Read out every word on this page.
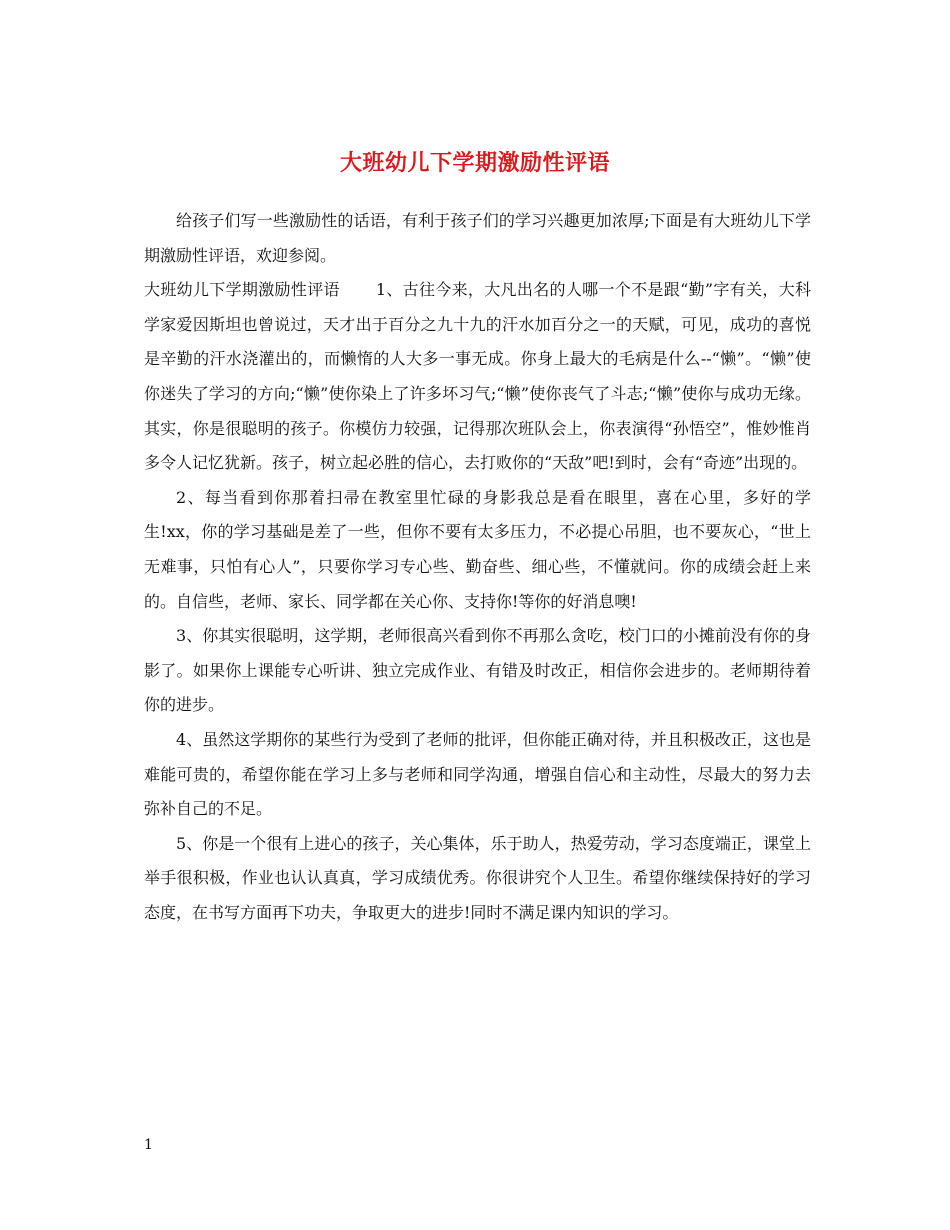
大班幼儿下学期激励性评语

给孩子们写一些激励性的话语，有利于孩子们的学习兴趣更加浓厚;下面是有大班幼儿下学期激励性评语，欢迎参阅。

大班幼儿下学期激励性评语 1、古往今来，大凡出名的人哪一个不是跟“勤”字有关，大科学家爱因斯坦也曾说过，天才出于百分之九十九的汗水加百分之一的天赋，可见，成功的喜悦是辛勤的汗水浇灌出的，而懒惰的人大多一事无成。你身上最大的毛病是什么--“懒”。“懒”使你迷失了学习的方向;“懒”使你染上了许多坏习气;“懒”使你丧气了斗志;“懒”使你与成功无缘。其实，你是很聪明的孩子。你模仿力较强，记得那次班队会上，你表演得“孙悟空”，惟妙惟肖多令人记忆犹新。孩子，树立起必胜的信心，去打败你的“天敌”吧!到时，会有“奇迹”出现的。

2、每当看到你那着扫帚在教室里忙碌的身影我总是看在眼里，喜在心里，多好的学生!xx，你的学习基础是差了一些，但你不要有太多压力，不必提心吊胆，也不要灰心，“世上无难事，只怕有心人”，只要你学习专心些、勤奋些、细心些，不懂就问。你的成绩会赶上来的。自信些，老师、家长、同学都在关心你、支持你!等你的好消息噢!

3、你其实很聪明，这学期，老师很高兴看到你不再那么贪吃，校门口的小摊前没有你的身影了。如果你上课能专心听讲、独立完成作业、有错及时改正，相信你会进步的。老师期待着你的进步。

4、虽然这学期你的某些行为受到了老师的批评，但你能正确对待，并且积极改正，这也是难能可贵的，希望你能在学习上多与老师和同学沟通，增强自信心和主动性，尽最大的努力去弥补自己的不足。

5、你是一个很有上进心的孩子，关心集体，乐于助人，热爱劳动，学习态度端正，课堂上举手很积极，作业也认认真真，学习成绩优秀。你很讲究个人卫生。希望你继续保持好的学习态度，在书写方面再下功夫，争取更大的进步!同时不满足课内知识的学习。

1
